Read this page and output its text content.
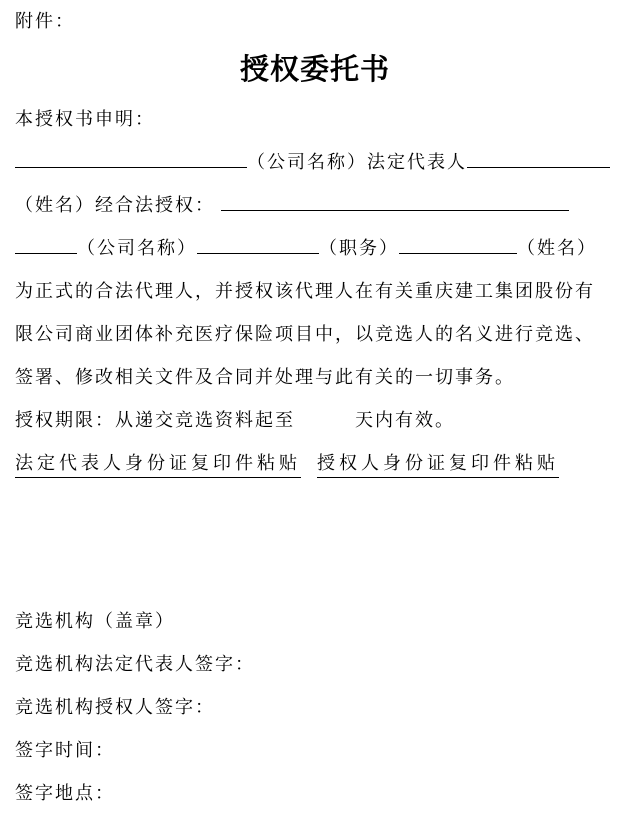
附件：
授权委托书
本授权书申明：
（公司名称）法定代表人
（姓名）经合法授权：
（公司名称）	（职务）	（姓名）
为正式的合法代理人，并授权该代理人在有关重庆建工集团股份有
限公司商业团体补充医疗保险项目中，以竞选人的名义进行竞选、
签署、修改相关文件及合同并处理与此有关的一切事务。
授权期限：从递交竞选资料起至	天内有效。
法定代表人身份证复印件粘贴 授权人身份证复印件粘贴
竞选机构（盖章）
竞选机构法定代表人签字：
竞选机构授权人签字：
签字时间：
签字地点：
